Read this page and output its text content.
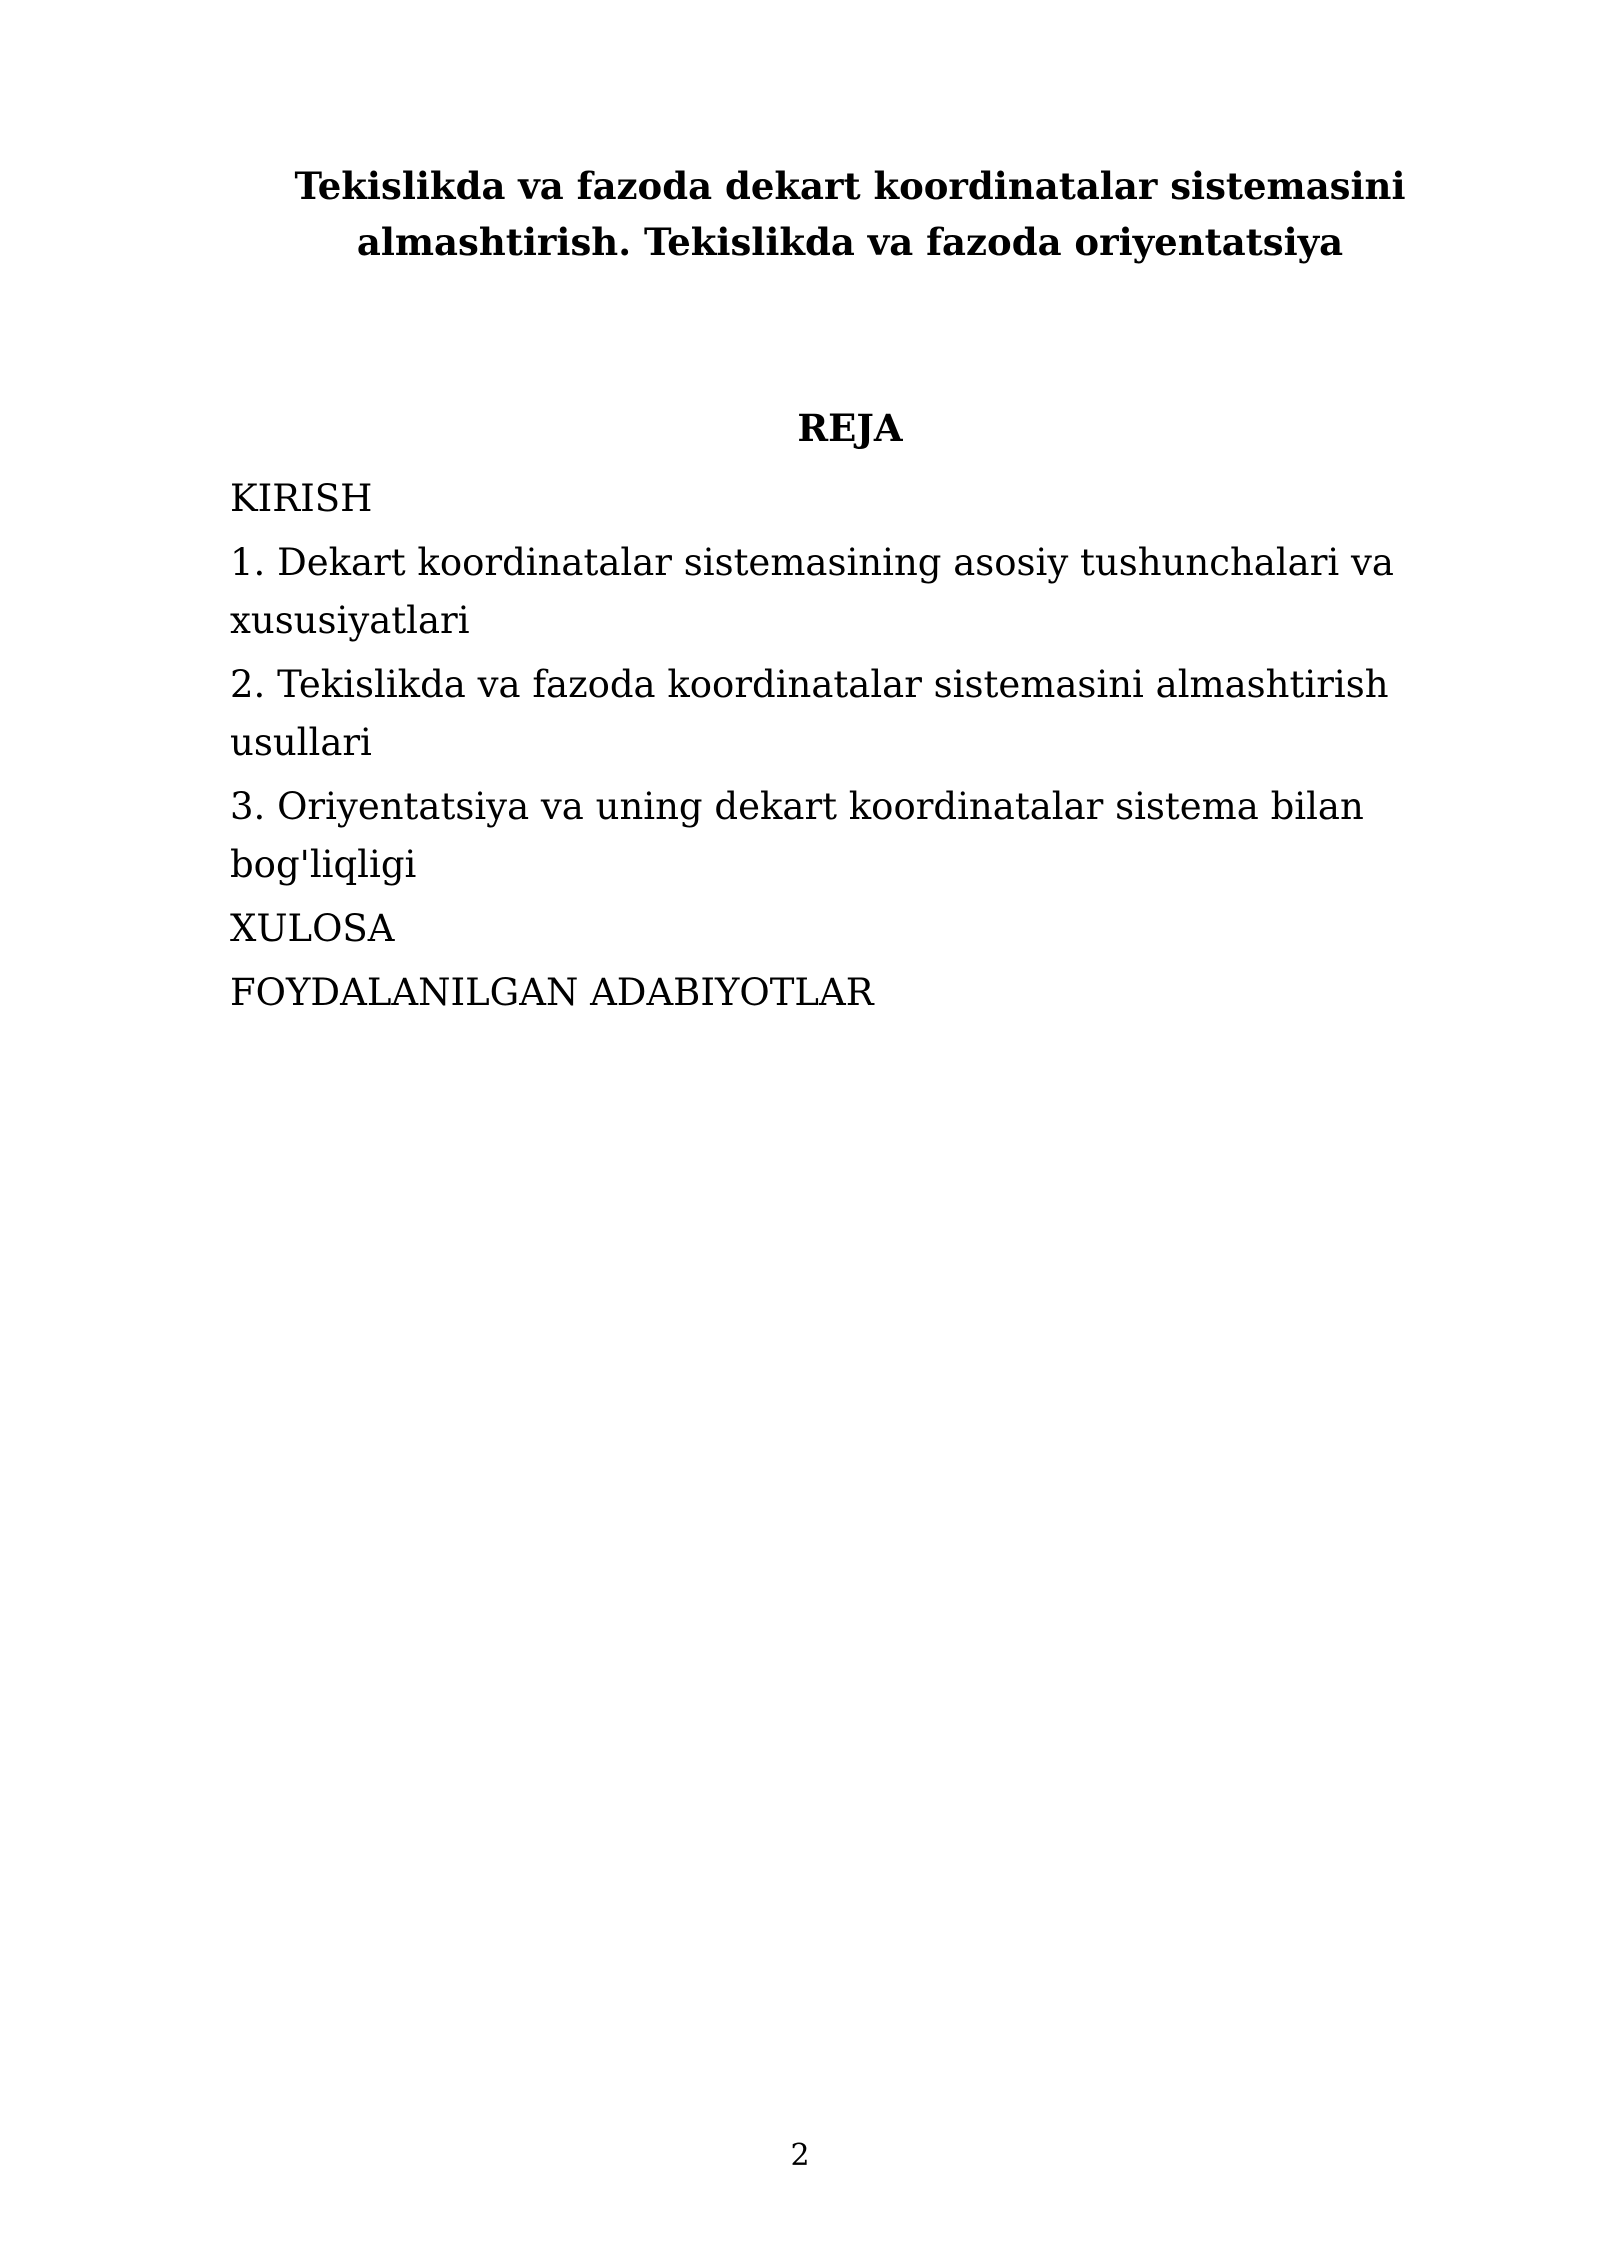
Tekislikda va fazoda dekart koordinatalar sistemasini
almashtirish. Tekislikda va fazoda oriyentatsiya
REJA
KIRISH
1. Dekart koordinatalar sistemasining asosiy tushunchalari va xususiyatlari
2. Tekislikda va fazoda koordinatalar sistemasini almashtirish usullari
3. Oriyentatsiya va uning dekart koordinatalar sistema bilan bog'liqligi
XULOSA
FOYDALANILGAN ADABIYOTLAR
2
